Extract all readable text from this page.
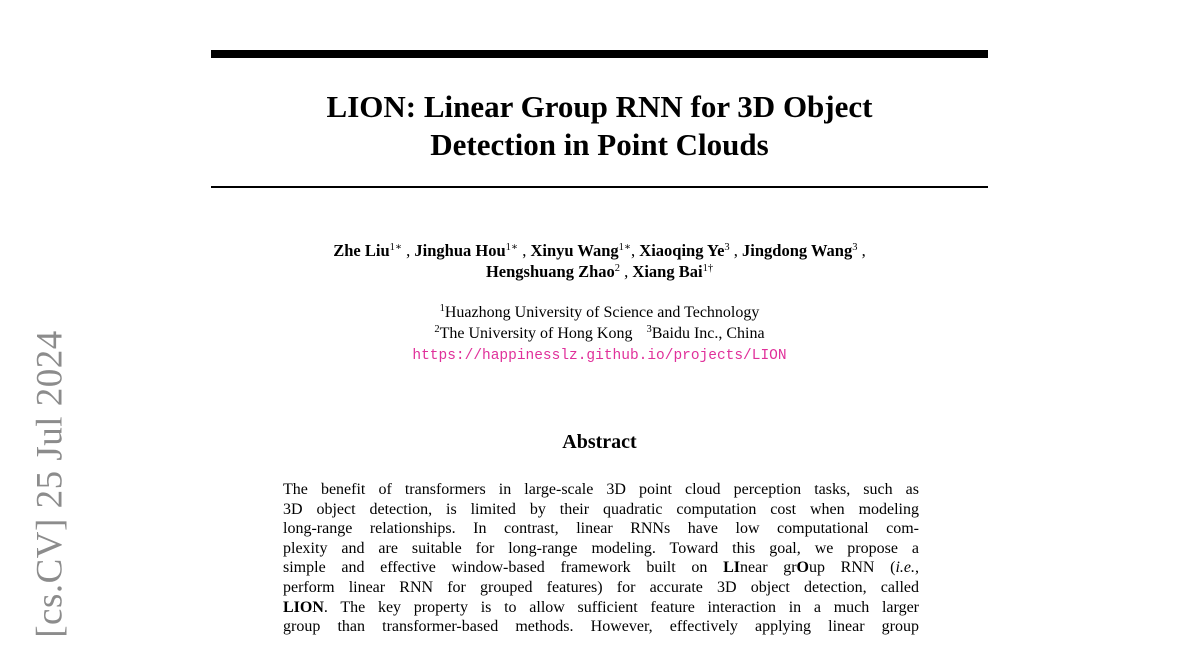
[cs.CV] 25 Jul 2024
LION: Linear Group RNN for 3D Object
Detection in Point Clouds
Zhe Liu$^{1∗}$ , Jinghua Hou$^{1∗}$ , Xinyu Wang$^{1∗}$, Xiaoqing Ye$^3$ , Jingdong Wang$^3$ ,
Hengshuang Zhao$^2$ , Xiang Bai$^{1\dagger}$
$^1$Huazhong University of Science and Technology
$^2$The University of Hong Kong $^3$Baidu Inc., China
https://happinesslz.github.io/projects/LION
Abstract
The benefit of transformers in large-scale 3D point cloud perception tasks, such as
3D object detection, is limited by their quadratic computation cost when modeling
long-range relationships. In contrast, linear RNNs have low computational com-
plexity and are suitable for long-range modeling. Toward this goal, we propose a
simple and effective window-based framework built on LInear grOup RNN (i.e.,
perform linear RNN for grouped features) for accurate 3D object detection, called
LION. The key property is to allow sufficient feature interaction in a much larger
group than transformer-based methods. However, effectively applying linear group
